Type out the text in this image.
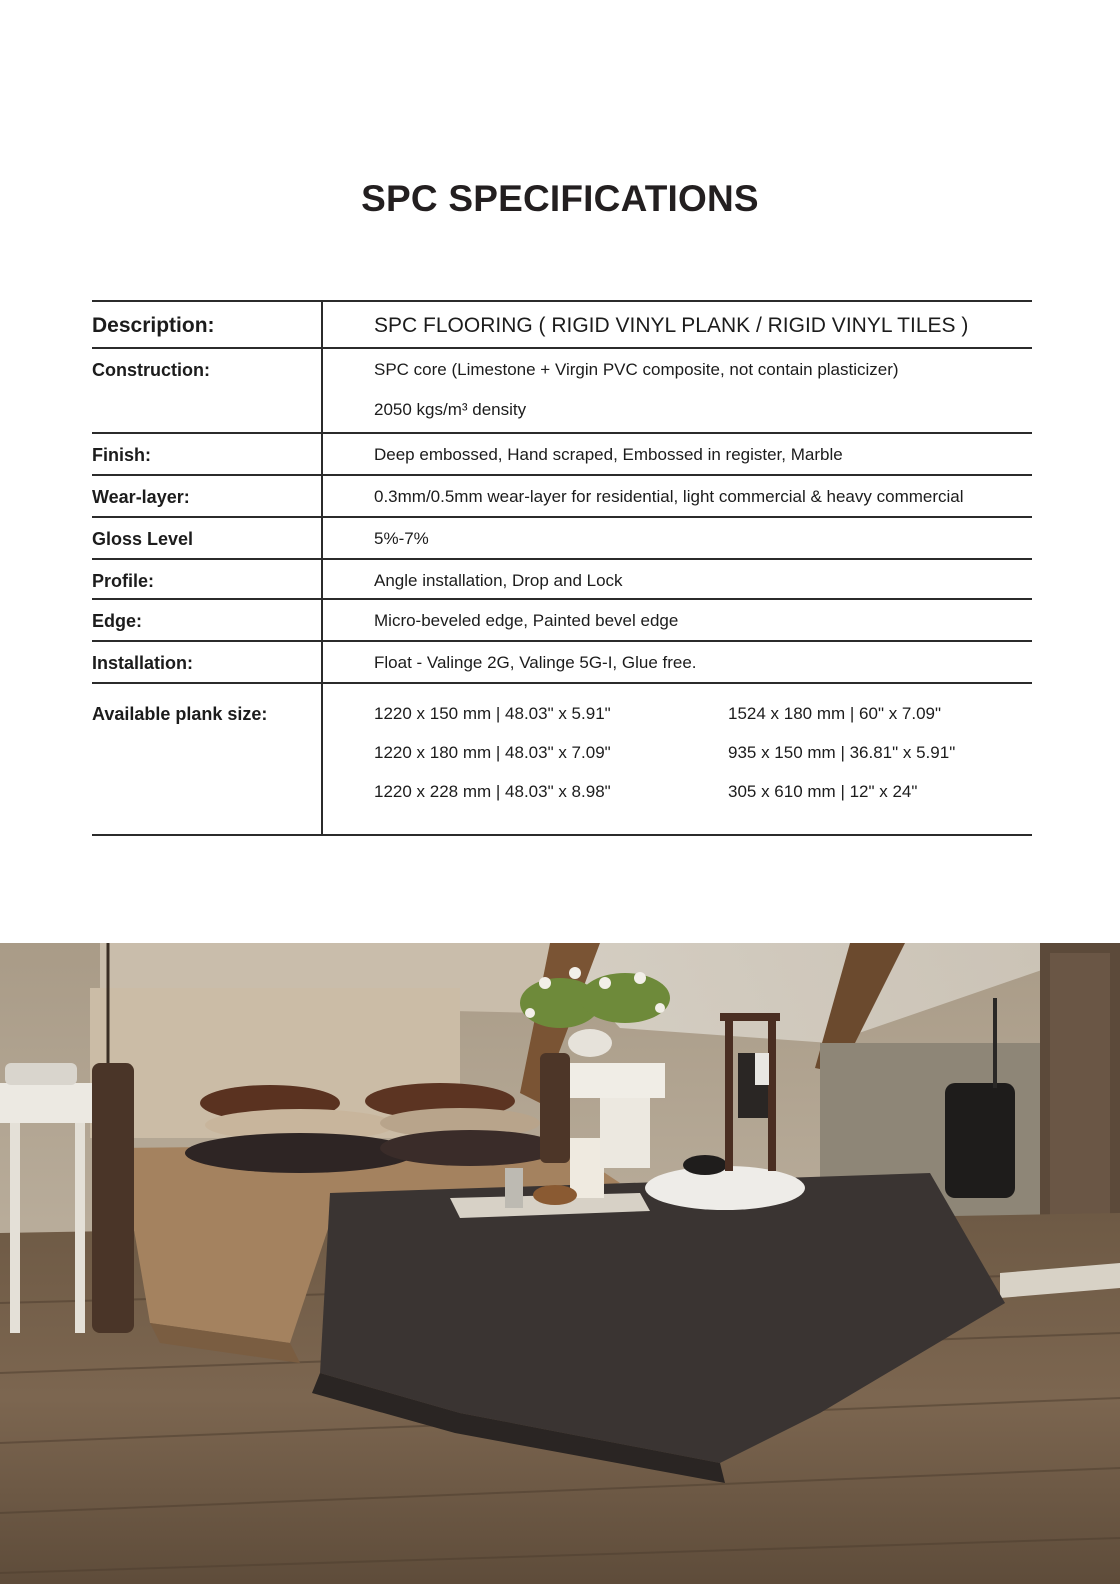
SPC SPECIFICATIONS
Description:	SPC FLOORING ( RIGID VINYL PLANK / RIGID VINYL TILES )
Construction:	SPC core (Limestone + Virgin PVC composite, not contain plasticizer)
2050 kgs/m³ density
Finish:	Deep embossed, Hand scraped, Embossed in register, Marble
Wear-layer:	0.3mm/0.5mm wear-layer for residential, light commercial & heavy commercial
Gloss Level	5%-7%
Profile:	Angle installation, Drop and Lock
Edge:	Micro-beveled edge, Painted bevel edge
Installation:	Float - Valinge 2G, Valinge 5G-I, Glue free.
Available plank size:	1220 x 150 mm | 48.03" x 5.91"	1524 x 180 mm | 60" x 7.09"
1220 x 180 mm | 48.03" x 7.09"	935 x 150 mm | 36.81" x 5.91"
1220 x 228 mm | 48.03" x 8.98"	305 x 610 mm | 12" x 24"
